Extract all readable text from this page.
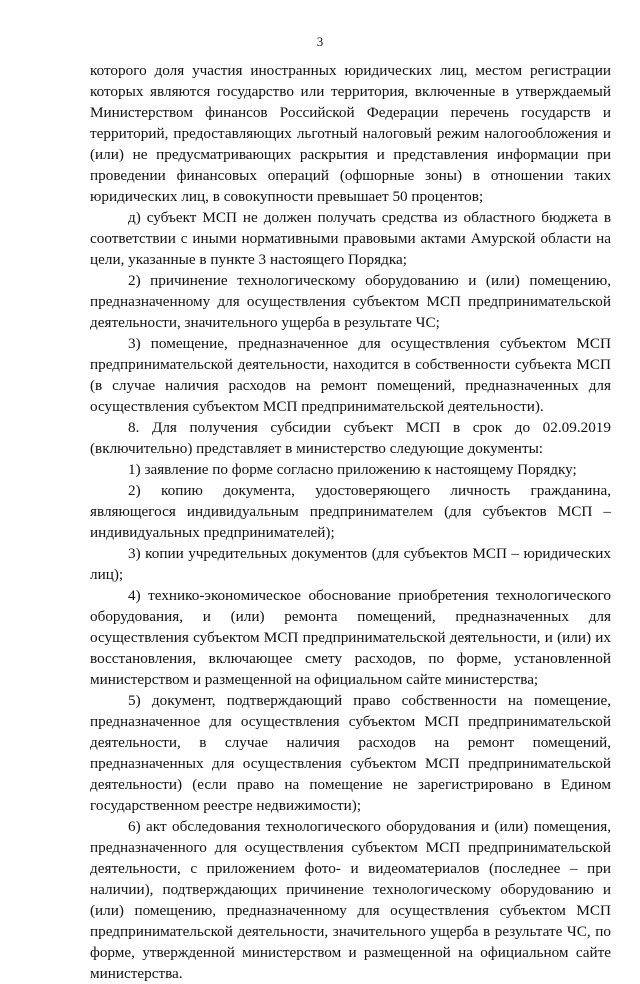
3

которого доля участия иностранных юридических лиц, местом регистрации которых являются государство или территория, включенные в утверждаемый Министерством финансов Российской Федерации перечень государств и территорий, предоставляющих льготный налоговый режим налогообложения и (или) не предусматривающих раскрытия и представления информации при проведении финансовых операций (офшорные зоны) в отношении таких юридических лиц, в совокупности превышает 50 процентов;

д) субъект МСП не должен получать средства из областного бюджета в соответствии с иными нормативными правовыми актами Амурской области на цели, указанные в пункте 3 настоящего Порядка;

2) причинение технологическому оборудованию и (или) помещению, предназначенному для осуществления субъектом МСП предпринимательской деятельности, значительного ущерба в результате ЧС;

3) помещение, предназначенное для осуществления субъектом МСП предпринимательской деятельности, находится в собственности субъекта МСП (в случае наличия расходов на ремонт помещений, предназначенных для осуществления субъектом МСП предпринимательской деятельности).

8. Для получения субсидии субъект МСП в срок до 02.09.2019 (включительно) представляет в министерство следующие документы:

1) заявление по форме согласно приложению к настоящему Порядку;

2) копию документа, удостоверяющего личность гражданина, являющегося индивидуальным предпринимателем (для субъектов МСП – индивидуальных предпринимателей);

3) копии учредительных документов (для субъектов МСП – юридических лиц);

4) технико-экономическое обоснование приобретения технологического оборудования, и (или) ремонта помещений, предназначенных для осуществления субъектом МСП предпринимательской деятельности, и (или) их восстановления, включающее смету расходов, по форме, установленной министерством и размещенной на официальном сайте министерства;

5) документ, подтверждающий право собственности на помещение, предназначенное для осуществления субъектом МСП предпринимательской деятельности, в случае наличия расходов на ремонт помещений, предназначенных для осуществления субъектом МСП предпринимательской деятельности) (если право на помещение не зарегистрировано в Едином государственном реестре недвижимости);

6) акт обследования технологического оборудования и (или) помещения, предназначенного для осуществления субъектом МСП предпринимательской деятельности, с приложением фото- и видеоматериалов (последнее – при наличии), подтверждающих причинение технологическому оборудованию и (или) помещению, предназначенному для осуществления субъектом МСП предпринимательской деятельности, значительного ущерба в результате ЧС, по форме, утвержденной министерством и размещенной на официальном сайте министерства.
